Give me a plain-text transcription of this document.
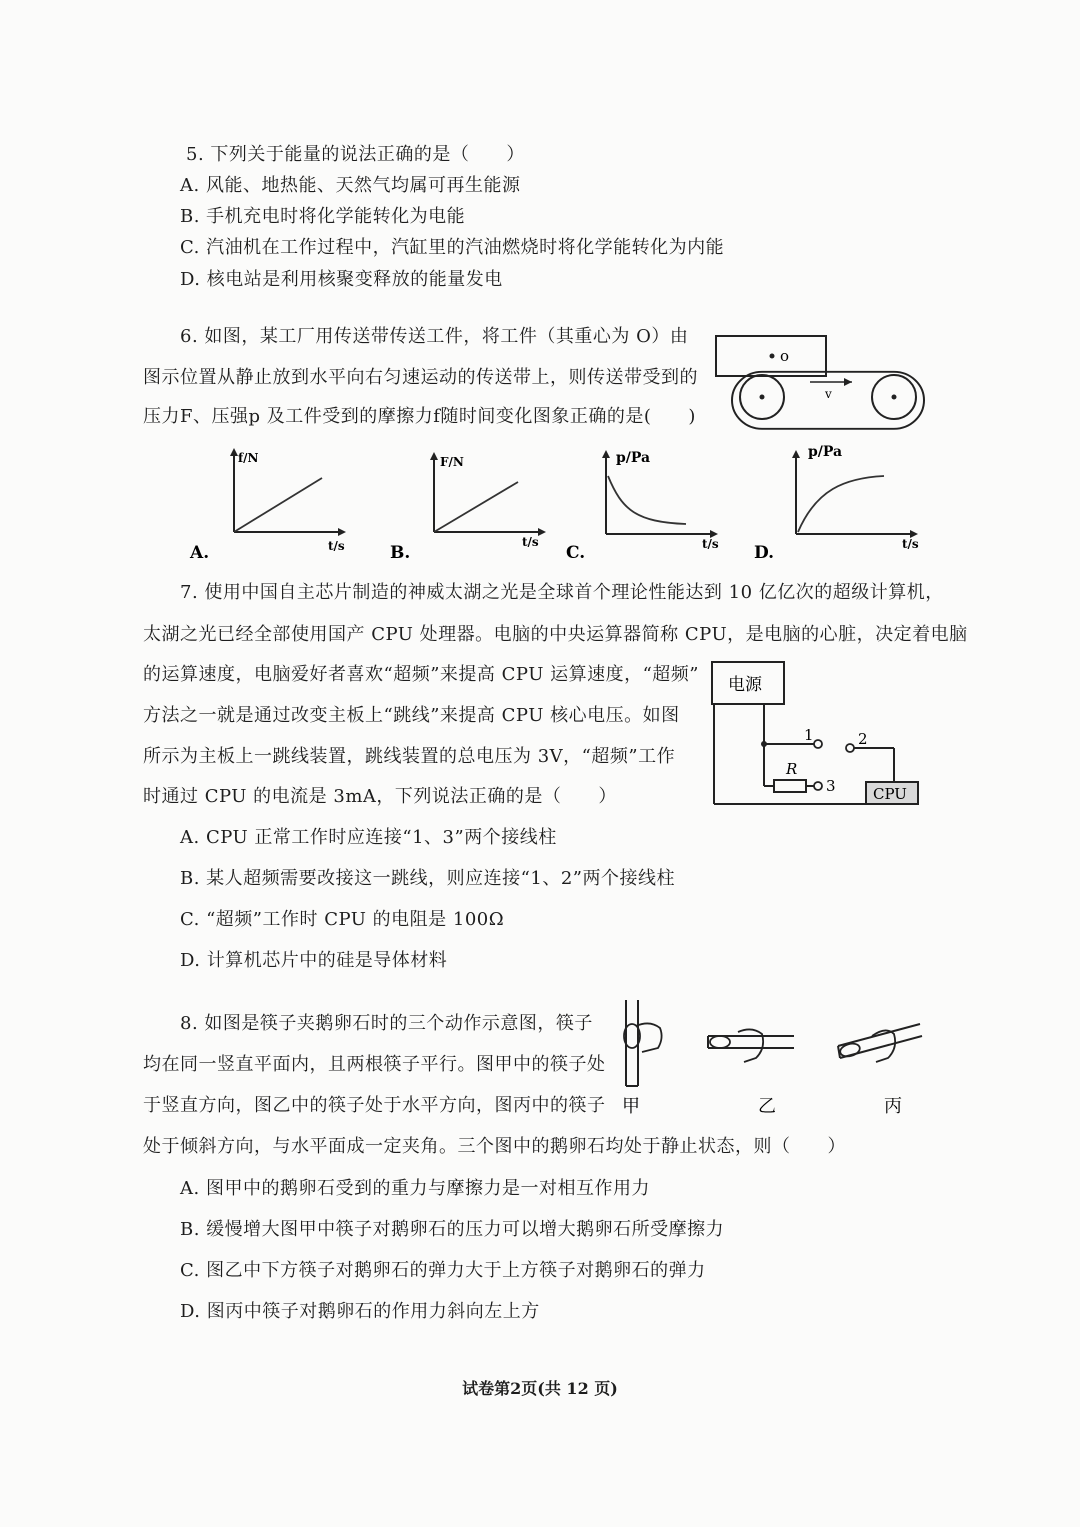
5. 下列关于能量的说法正确的是（　　）
A. 风能、地热能、天然气均属可再生能源
B. 手机充电时将化学能转化为电能
C. 汽油机在工作过程中，汽缸里的汽油燃烧时将化学能转化为内能
D. 核电站是利用核聚变释放的能量发电
6. 如图，某工厂用传送带传送工件，将工件（其重心为 O）由
图示位置从静止放到水平向右匀速运动的传送带上，则传送带受到的
压力F、压强p 及工件受到的摩擦力f随时间变化图象正确的是(　　)
o
v
f/N
t/s
A.
F/N
t/s
B.
p/Pa
t/s
C.
p/Pa
t/s
D.
7. 使用中国自主芯片制造的神威太湖之光是全球首个理论性能达到 10 亿亿次的超级计算机，
太湖之光已经全部使用国产 CPU 处理器。电脑的中央运算器简称 CPU，是电脑的心脏，决定着电脑
的运算速度，电脑爱好者喜欢“超频”来提高 CPU 运算速度，“超频”
方法之一就是通过改变主板上“跳线”来提高 CPU 核心电压。如图
所示为主板上一跳线装置，跳线装置的总电压为 3V，“超频”工作
时通过 CPU 的电流是 3mA，下列说法正确的是（　　）
电源
1	2
R
3 CPU
A. CPU 正常工作时应连接“1、3”两个接线柱
B. 某人超频需要改接这一跳线，则应连接“1、2”两个接线柱
C. “超频”工作时 CPU 的电阻是 100Ω
D. 计算机芯片中的硅是导体材料
8. 如图是筷子夹鹅卵石时的三个动作示意图，筷子
均在同一竖直平面内，且两根筷子平行。图甲中的筷子处
于竖直方向，图乙中的筷子处于水平方向，图丙中的筷子
处于倾斜方向，与水平面成一定夹角。三个图中的鹅卵石均处于静止状态，则（　　）
甲	乙	丙
A. 图甲中的鹅卵石受到的重力与摩擦力是一对相互作用力
B. 缓慢增大图甲中筷子对鹅卵石的压力可以增大鹅卵石所受摩擦力
C. 图乙中下方筷子对鹅卵石的弹力大于上方筷子对鹅卵石的弹力
D. 图丙中筷子对鹅卵石的作用力斜向左上方
试卷第2页(共 12 页)
